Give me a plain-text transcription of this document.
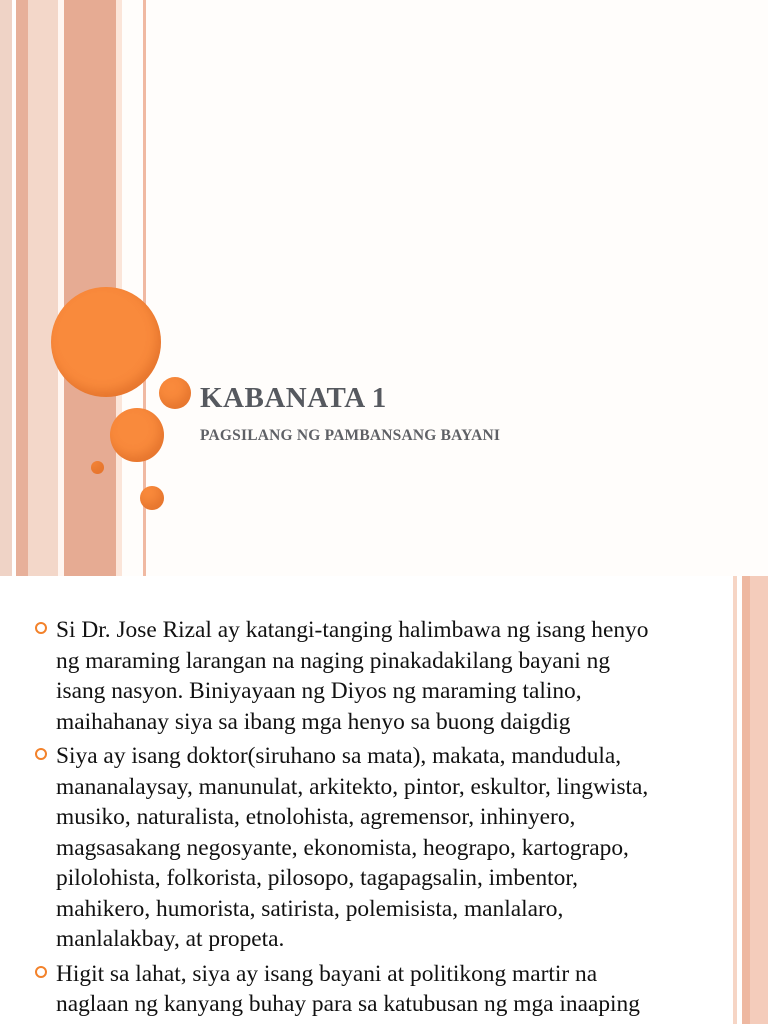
KABANATA 1
PAGSILANG NG PAMBANSANG BAYANI
Si Dr. Jose Rizal ay katangi-tanging halimbawa ng isang henyo
ng maraming larangan na naging pinakadakilang bayani ng
isang nasyon. Biniyayaan ng Diyos ng maraming talino,
maihahanay siya sa ibang mga henyo sa buong daigdig
Siya ay isang doktor(siruhano sa mata), makata, mandudula,
mananalaysay, manunulat, arkitekto, pintor, eskultor, lingwista,
musiko, naturalista, etnolohista, agremensor, inhinyero,
magsasakang negosyante, ekonomista, heograpo, kartograpo,
pilolohista, folkorista, pilosopo, tagapagsalin, imbentor,
mahikero, humorista, satirista, polemisista, manlalaro,
manlalakbay, at propeta.
Higit sa lahat, siya ay isang bayani at politikong martir na
naglaan ng kanyang buhay para sa katubusan ng mga inaaping
